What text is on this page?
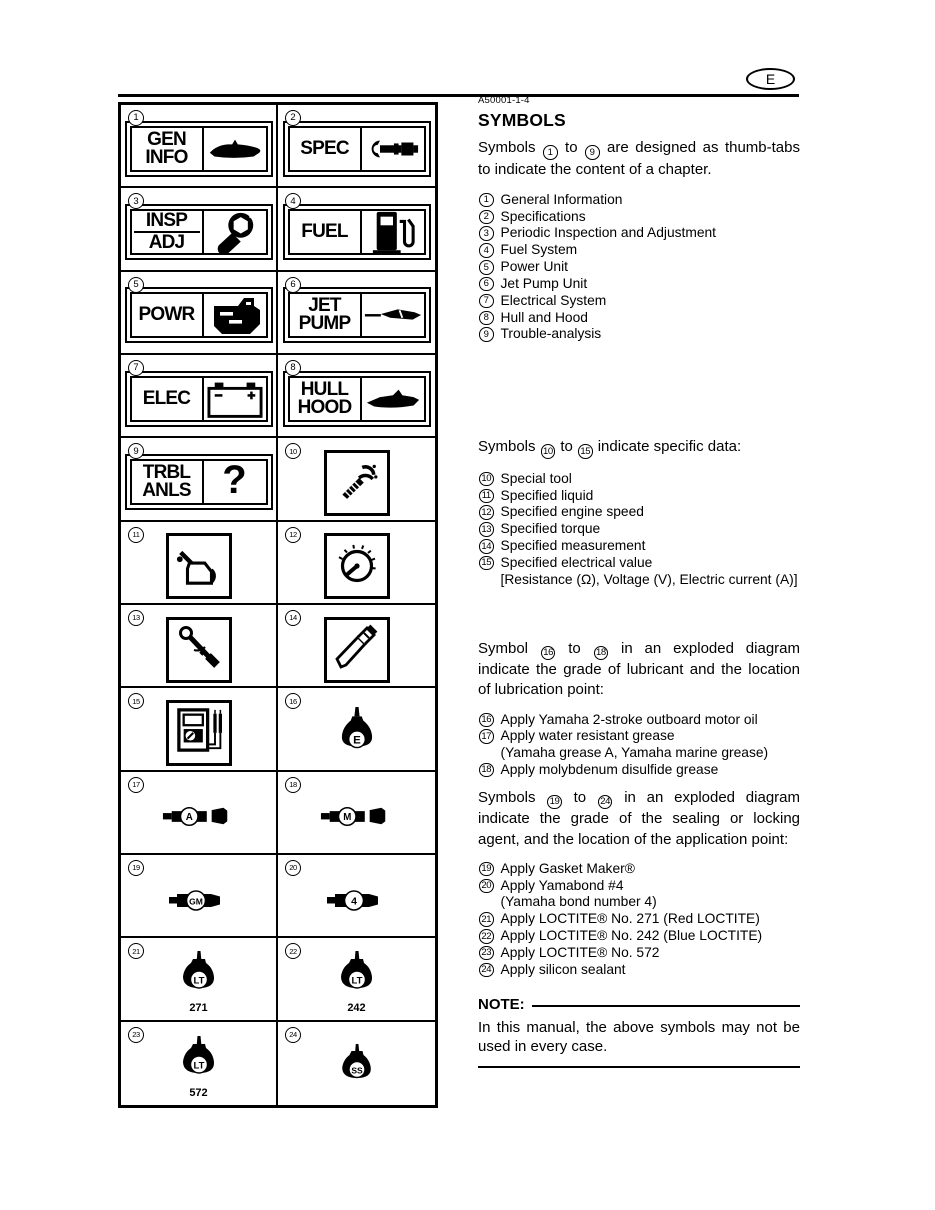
E
1
GEN
INFO
2
SPEC
3
INSP
ADJ
4
FUEL
5
POWR
6
JET
PUMP
7
ELEC
8
HULL
HOOD
9
TRBL
ANLS ?
10
11	12
13	14
15	16
E
17
A
18
M
19
GM
20
4
21
LT
271
22
LT
242
23
LT
572
24
SS
A50001-1-4
SYMBOLS
Symbols 1 to 9 are designed as thumb-tabs to indicate the content of a chapter.
1 General Information
2 Specifications
3 Periodic Inspection and Adjustment
4 Fuel System
5 Power Unit
6 Jet Pump Unit
7 Electrical System
8 Hull and Hood
9 Trouble-analysis
Symbols 10 to 15 indicate specific data:
10 Special tool
11 Specified liquid
12 Specified engine speed
13 Specified torque
14 Specified measurement
15 Specified electrical value
[Resistance (Ω), Voltage (V), Electric current (A)]
Symbol 16 to 18 in an exploded diagram indicate the grade of lubricant and the location of lubrication point:
16 Apply Yamaha 2-stroke outboard motor oil
17 Apply water resistant grease
(Yamaha grease A, Yamaha marine grease)
18 Apply molybdenum disulfide grease
Symbols 19 to 24 in an exploded diagram indicate the grade of the sealing or locking agent, and the location of the application point:
19 Apply Gasket Maker®
20 Apply Yamabond #4
(Yamaha bond number 4)
21 Apply LOCTITE® No. 271 (Red LOCTITE)
22 Apply LOCTITE® No. 242 (Blue LOCTITE)
23 Apply LOCTITE® No. 572
24 Apply silicon sealant
NOTE:
In this manual, the above symbols may not be used in every case.
